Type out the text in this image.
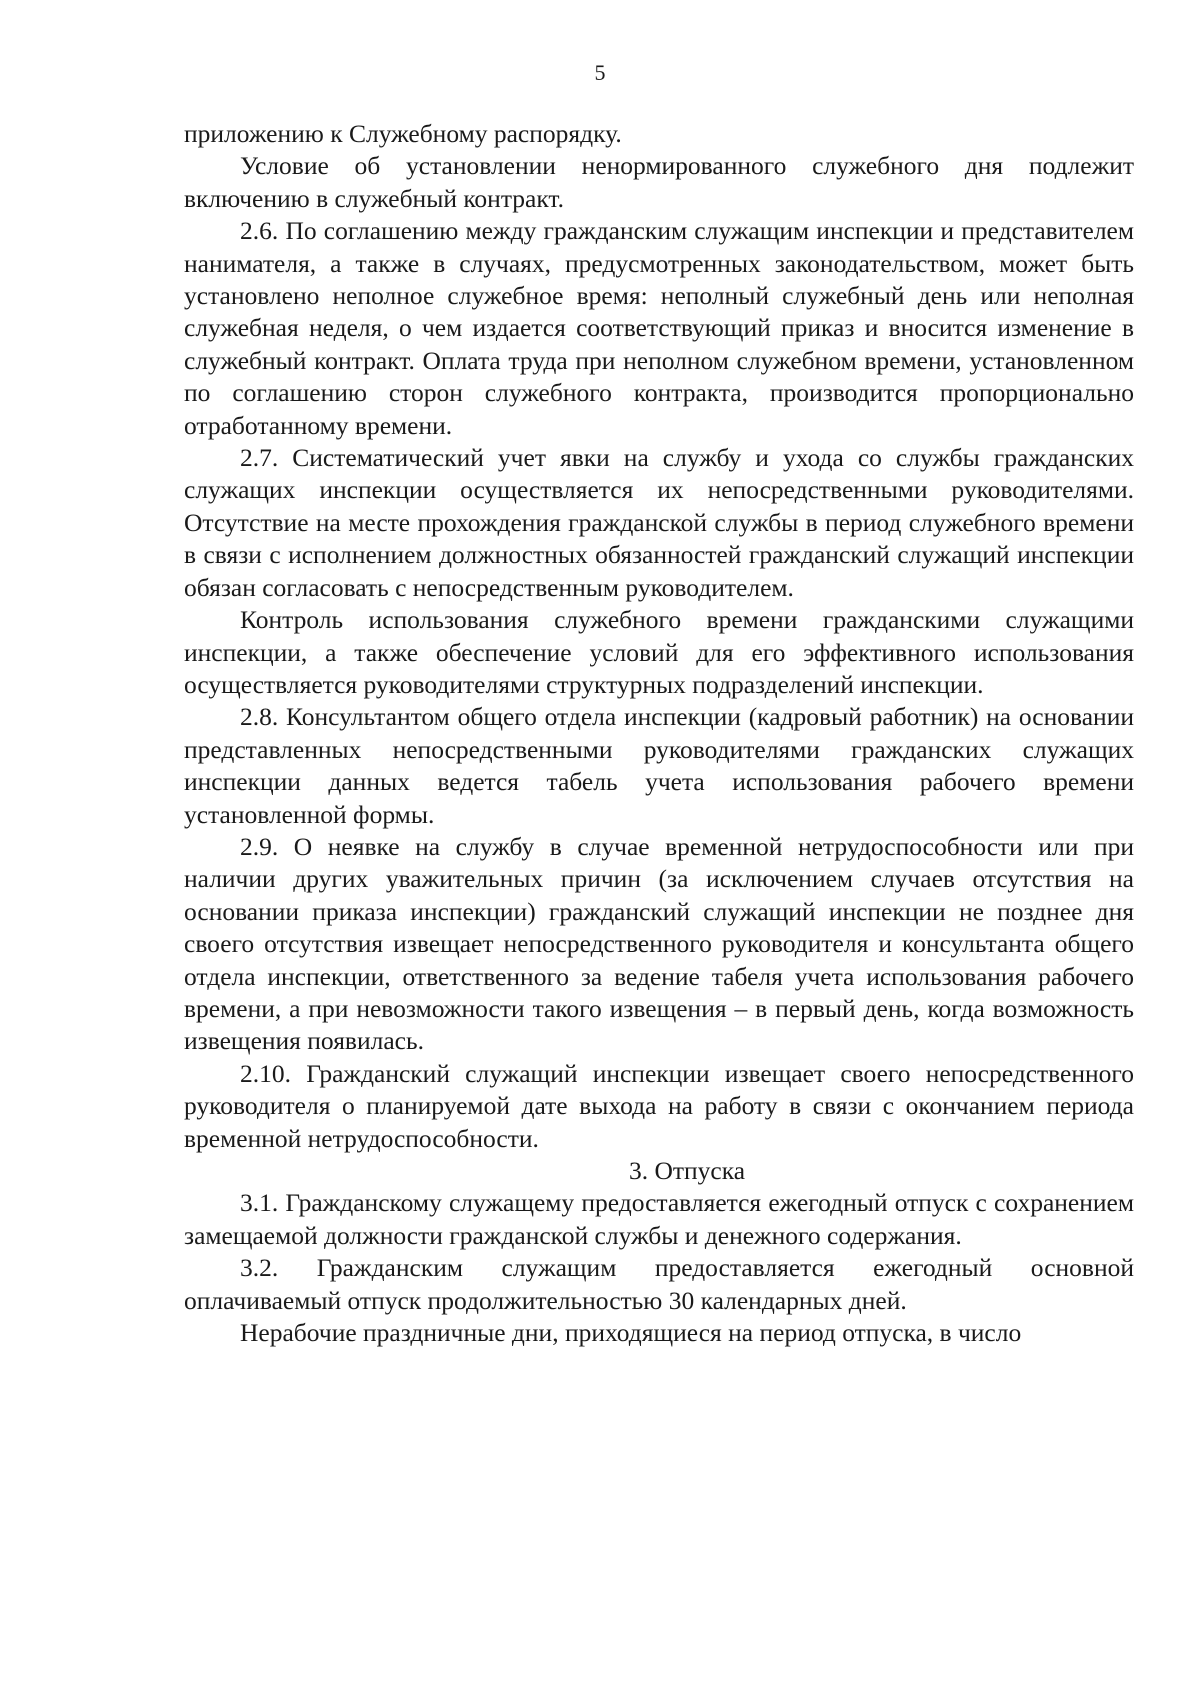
5

приложению к Служебному распорядку.

Условие об установлении ненормированного служебного дня подлежит включению в служебный контракт.

2.6. По соглашению между гражданским служащим инспекции и представителем нанимателя, а также в случаях, предусмотренных законодательством, может быть установлено неполное служебное время: неполный служебный день или неполная служебная неделя, о чем издается соответствующий приказ и вносится изменение в служебный контракт. Оплата труда при неполном служебном времени, установленном по соглашению сторон служебного контракта, производится пропорционально отработанному времени.

2.7. Систематический учет явки на службу и ухода со службы гражданских служащих инспекции осуществляется их непосредственными руководителями. Отсутствие на месте прохождения гражданской службы в период служебного времени в связи с исполнением должностных обязанностей гражданский служащий инспекции обязан согласовать с непосредственным руководителем.

Контроль использования служебного времени гражданскими служащими инспекции, а также обеспечение условий для его эффективного использования осуществляется руководителями структурных подразделений инспекции.

2.8. Консультантом общего отдела инспекции (кадровый работник) на основании представленных непосредственными руководителями гражданских служащих инспекции данных ведется табель учета использования рабочего времени установленной формы.

2.9. О неявке на службу в случае временной нетрудоспособности или при наличии других уважительных причин (за исключением случаев отсутствия на основании приказа инспекции) гражданский служащий инспекции не позднее дня своего отсутствия извещает непосредственного руководителя и консультанта общего отдела инспекции, ответственного за ведение табеля учета использования рабочего времени, а при невозможности такого извещения – в первый день, когда возможность извещения появилась.

2.10. Гражданский служащий инспекции извещает своего непосредственного руководителя о планируемой дате выхода на работу в связи с окончанием периода временной нетрудоспособности.

3. Отпуска

3.1. Гражданскому служащему предоставляется ежегодный отпуск с сохранением замещаемой должности гражданской службы и денежного содержания.

3.2. Гражданским служащим предоставляется ежегодный основной оплачиваемый отпуск продолжительностью 30 календарных дней.

Нерабочие праздничные дни, приходящиеся на период отпуска, в число
